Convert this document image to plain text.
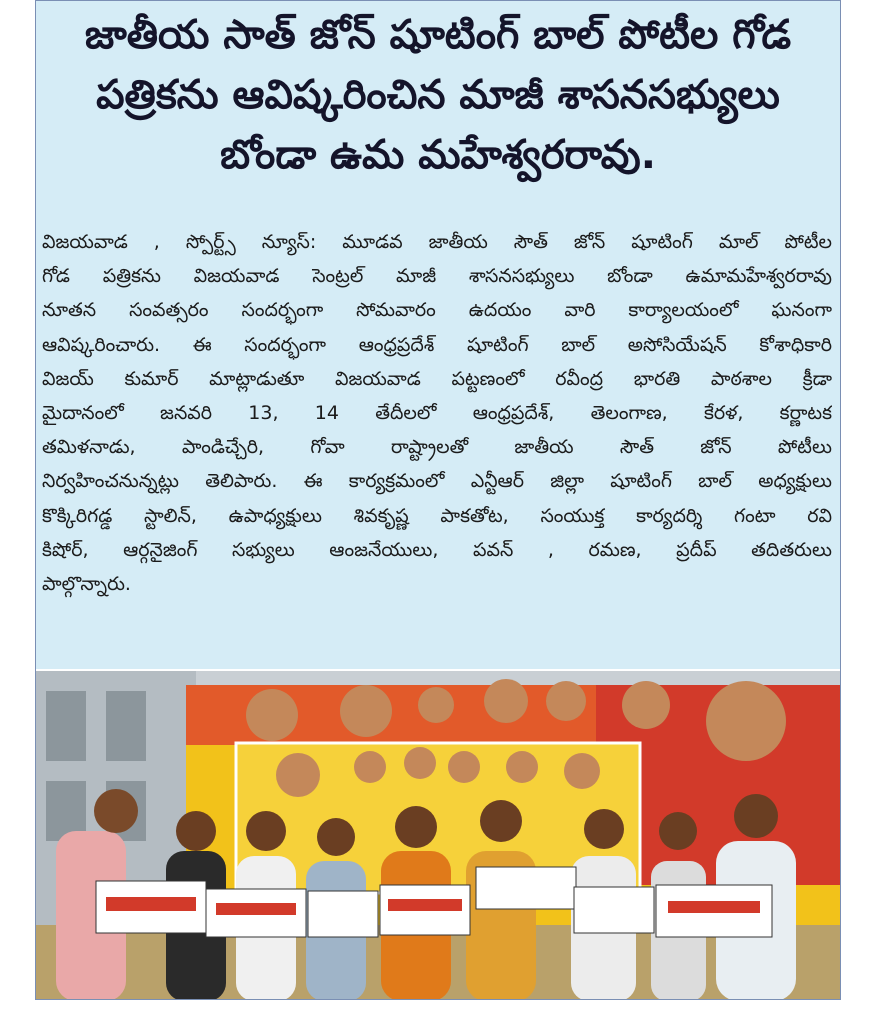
జాతీయ సాత్ జోన్ షూటింగ్ బాల్ పోటీల గోడ
పత్రికను ఆవిష్కరించిన మాజీ శాసనసభ్యులు
బోండా ఉమ మహేశ్వరరావు.
విజయవాడ , స్పోర్ట్స్ న్యూస్: మూడవ జాతీయ సౌత్ జోన్ షూటింగ్ మాల్ పోటీల
గోడ పత్రికను విజయవాడ సెంట్రల్ మాజీ శాసనసభ్యులు బోండా ఉమామహేశ్వరరావు
నూతన సంవత్సరం సందర్భంగా సోమవారం ఉదయం వారి కార్యాలయంలో ఘనంగా
ఆవిష్కరించారు. ఈ సందర్భంగా ఆంధ్రప్రదేశ్ షూటింగ్ బాల్ అసోసియేషన్ కోశాధికారి
విజయ్ కుమార్ మాట్లాడుతూ విజయవాడ పట్టణంలో రవీంద్ర భారతి పాఠశాల క్రీడా
మైదానంలో జనవరి 13, 14 తేదీలలో ఆంధ్రప్రదేశ్, తెలంగాణ, కేరళ, కర్ణాటక
తమిళనాడు, పాండిచ్చేరి, గోవా రాష్ట్రాలతో జాతీయ సౌత్ జోన్ పోటీలు
నిర్వహించనున్నట్లు తెలిపారు. ఈ కార్యక్రమంలో ఎన్టీఆర్ జిల్లా షూటింగ్ బాల్ అధ్యక్షులు
కొక్కిరిగడ్డ స్టాలిన్, ఉపాధ్యక్షులు శివకృష్ణ పాకతోట, సంయుక్త కార్యదర్శి గంటా రవి
కిషోర్, ఆర్గనైజింగ్ సభ్యులు ఆంజనేయులు, పవన్ , రమణ, ప్రదీప్ తదితరులు
పాల్గొన్నారు.
